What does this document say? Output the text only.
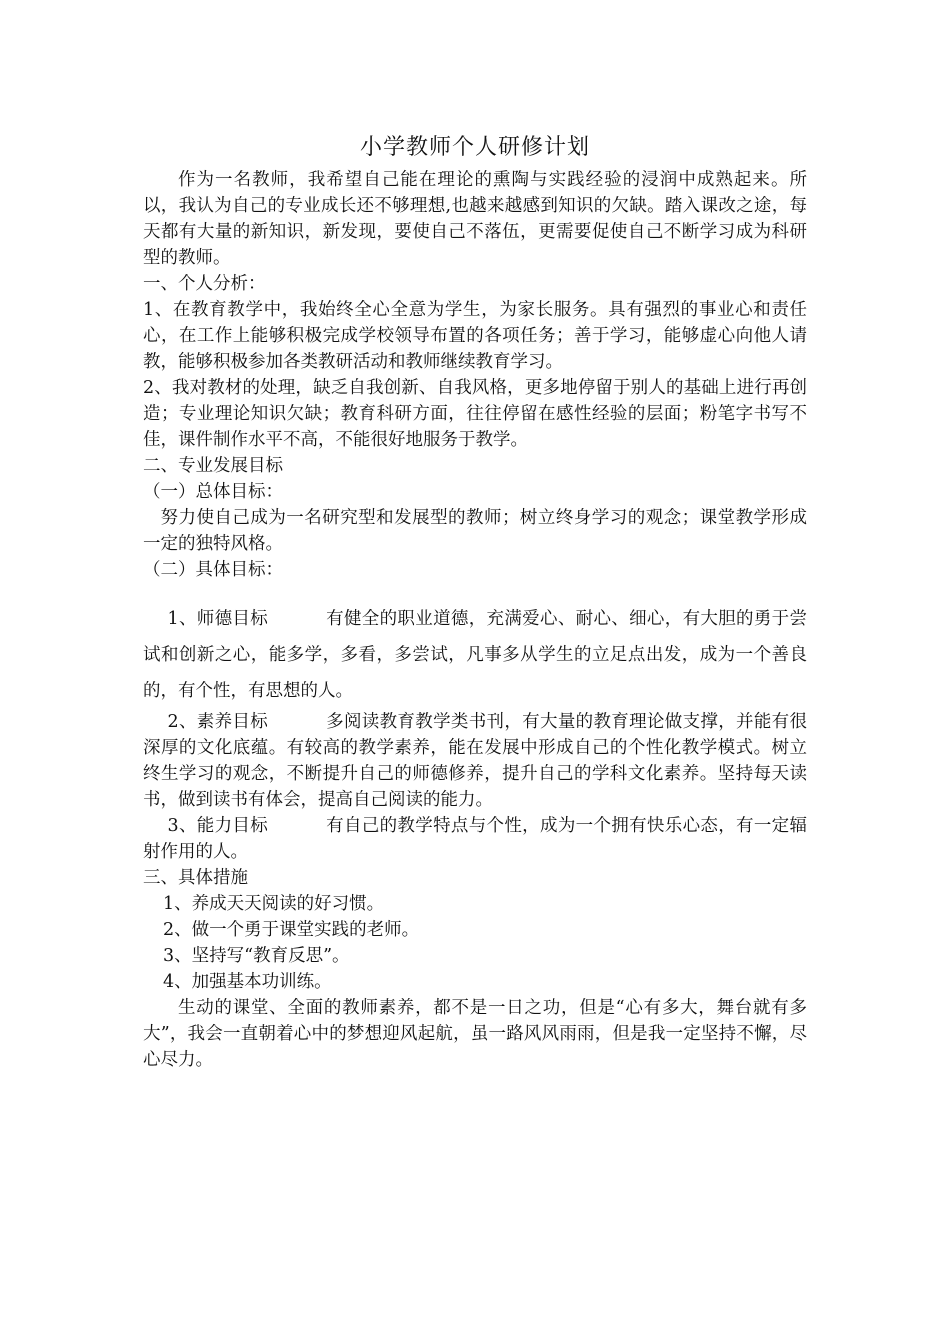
小学教师个人研修计划

作为一名教师，我希望自己能在理论的熏陶与实践经验的浸润中成熟起来。所以，我认为自己的专业成长还不够理想,也越来越感到知识的欠缺。踏入课改之途，每天都有大量的新知识，新发现，要使自己不落伍，更需要促使自己不断学习成为科研型的教师。

一、个人分析：

1、在教育教学中，我始终全心全意为学生，为家长服务。具有强烈的事业心和责任心，在工作上能够积极完成学校领导布置的各项任务；善于学习，能够虚心向他人请教，能够积极参加各类教研活动和教师继续教育学习。

2、我对教材的处理，缺乏自我创新、自我风格，更多地停留于别人的基础上进行再创造；专业理论知识欠缺；教育科研方面，往往停留在感性经验的层面；粉笔字书写不佳，课件制作水平不高，不能很好地服务于教学。

二、专业发展目标

（一）总体目标：

努力使自己成为一名研究型和发展型的教师；树立终身学习的观念；课堂教学形成一定的独特风格。

（二）具体目标：

1、师德目标	有健全的职业道德，充满爱心、耐心、细心，有大胆的勇于尝试和创新之心，能多学，多看，多尝试，凡事多从学生的立足点出发，成为一个善良的，有个性，有思想的人。

2、素养目标	多阅读教育教学类书刊，有大量的教育理论做支撑，并能有很深厚的文化底蕴。有较高的教学素养，能在发展中形成自己的个性化教学模式。树立终生学习的观念，不断提升自己的师德修养，提升自己的学科文化素养。坚持每天读书，做到读书有体会，提高自己阅读的能力。

3、能力目标	有自己的教学特点与个性，成为一个拥有快乐心态，有一定辐射作用的人。

三、具体措施

1、养成天天阅读的好习惯。

2、做一个勇于课堂实践的老师。

3、坚持写“教育反思”。

4、加强基本功训练。

生动的课堂、全面的教师素养，都不是一日之功，但是“心有多大，舞台就有多大”，我会一直朝着心中的梦想迎风起航，虽一路风风雨雨，但是我一定坚持不懈，尽心尽力。
